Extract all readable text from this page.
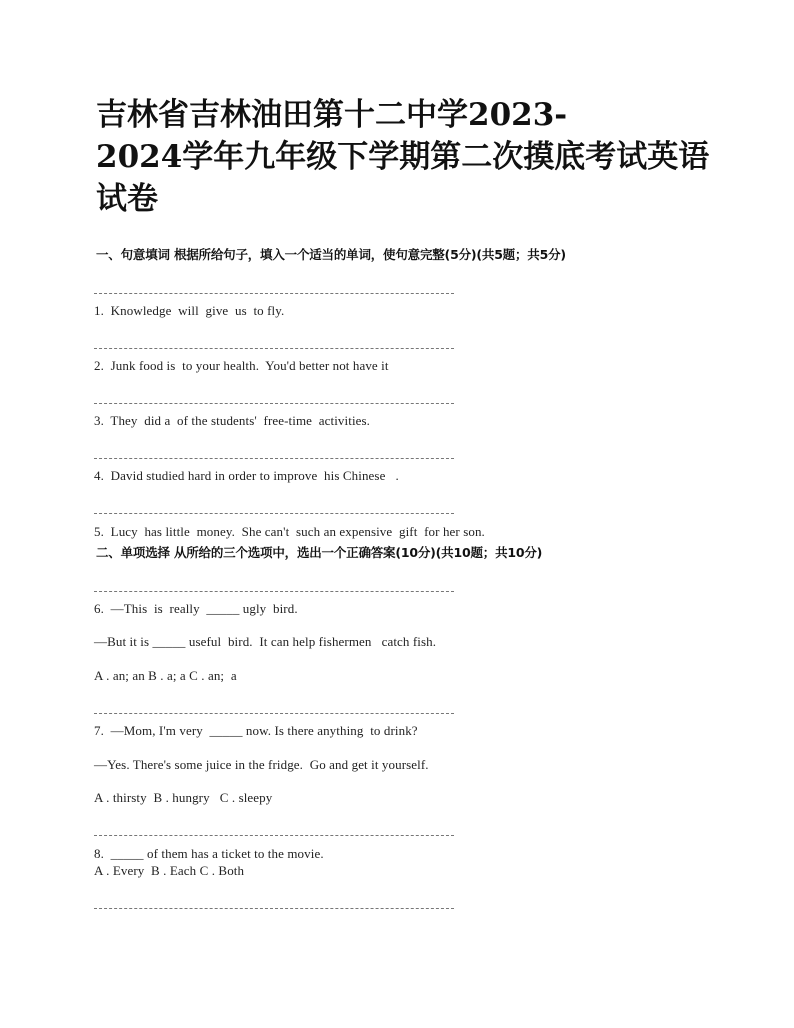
吉林省吉林油田第十二中学2023-
2024学年九年级下学期第二次摸底考试英语
试卷
一、句意填词 根据所给句子，填入一个适当的单词，使句意完整(5分)(共5题；共5分)
1.  Knowledge  will  give  us  to fly.
2.  Junk food is  to your health.  You'd better not have it
3.  They  did a  of the students'  free-time  activities.
4.  David studied hard in order to improve  his Chinese   .
5.  Lucy  has little  money.  She can't  such an expensive  gift  for her son.
二、单项选择 从所给的三个选项中，选出一个正确答案(10分)(共10题；共10分)
6.  —This  is  really  _____ ugly  bird.
—But it is _____ useful  bird.  It can help fishermen   catch fish.
A . an; an B . a; a C . an;  a
7.  —Mom, I'm very  _____ now. Is there anything  to drink?
—Yes. There's some juice in the fridge.  Go and get it yourself.
A . thirsty  B . hungry   C . sleepy
8.  _____ of them has a ticket to the movie.
A . Every  B . Each C . Both
